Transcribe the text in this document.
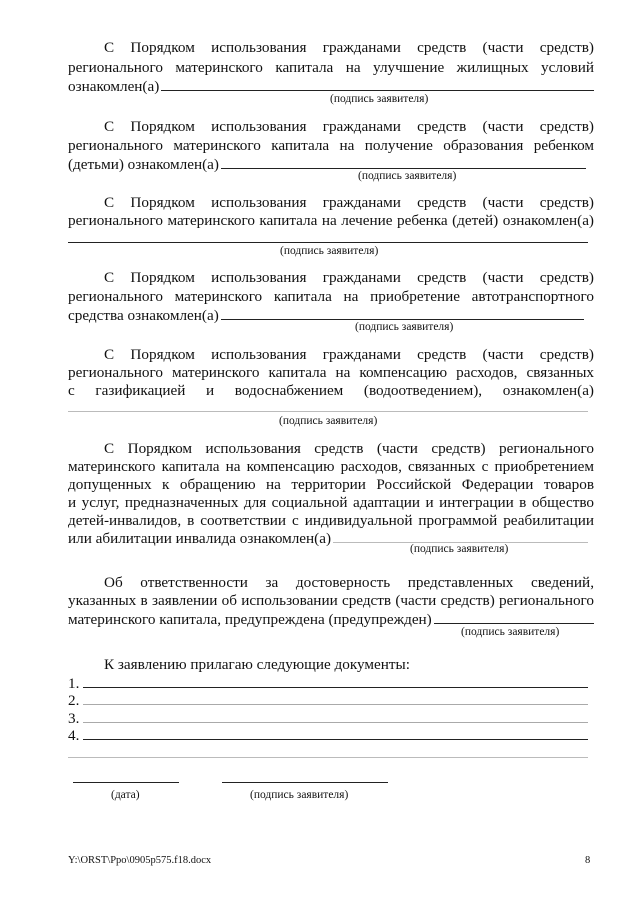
С Порядком использования гражданами средств (части средств)
регионального материнского капитала на улучшение жилищных условий
ознакомлен(а)
(подпись заявителя)
С Порядком использования гражданами средств (части средств)
регионального материнского капитала на получение образования ребенком
(детьми) ознакомлен(а)
(подпись заявителя)
С Порядком использования гражданами средств (части средств)
регионального материнского капитала на лечение ребенка (детей) ознакомлен(а)
(подпись заявителя)
С Порядком использования гражданами средств (части средств)
регионального материнского капитала на приобретение автотранспортного
средства ознакомлен(а)
(подпись заявителя)
С Порядком использования гражданами средств (части средств)
регионального материнского капитала на компенсацию расходов, связанных
с газификацией и водоснабжением (водоотведением), ознакомлен(а)
(подпись заявителя)
С Порядком использования средств (части средств) регионального
материнского капитала на компенсацию расходов, связанных с приобретением
допущенных к обращению на территории Российской Федерации товаров
и услуг, предназначенных для социальной адаптации и интеграции в общество
детей-инвалидов, в соответствии с индивидуальной программой реабилитации
или абилитации инвалида ознакомлен(а)
(подпись заявителя)
Об ответственности за достоверность представленных сведений,
указанных в заявлении об использовании средств (части средств) регионального
материнского капитала, предупреждена (предупрежден)
(подпись заявителя)
К заявлению прилагаю следующие документы:
1.
2.
3.
4.
(дата)	(подпись заявителя)
Y:\ORST\Ppo\0905p575.f18.docx	8
